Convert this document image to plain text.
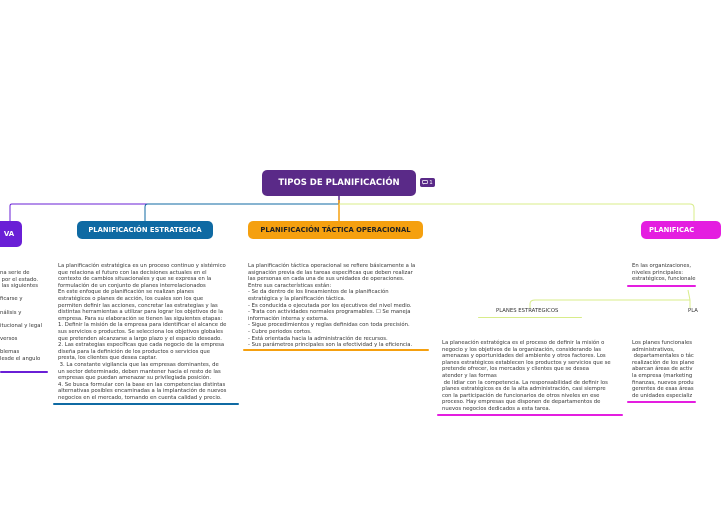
TIPOS DE PLANIFICACIÓN	1
VA
na serie de
por el estado.
las siguientes

ficarse y

nálisis y

itucional y legal

versos

blemas
lesde el angulo
PLANIFICACIÓN ESTRATEGICA
La planificación estratégica es un proceso continuo y sistémico
que relaciona el futuro con las decisiones actuales en el
contexto de cambios situacionales y que se expresa en la
formulación de un conjunto de planes interrelacionados
En este enfoque de planificación se realizan planes
estratégicos o planes de acción, los cuales son los que
permiten definir las acciones, concretar las estrategias y las
distintas herramientas a utilizar para lograr los objetivos de la
empresa. Para su elaboración se tienen las siguientes etapas:
1. Definir la misión de la empresa para identificar el alcance de
sus servicios o productos. Se selecciona los objetivos globales
que pretenden alcanzarse a largo plazo y el espacio deseado.
2. Las estrategias específicas que cada negocio de la empresa
diseña para la definición de los productos o servicios que
presta, los clientes que desea captar.
3. La constante vigilancia que las empresas dominantes, de
un sector determinado, deben mantener hacia el resto de las
empresas que puedan amenazar su privilegiada posición.
4. Se busca formular con la base en las competencias distintas
alternativas posibles encaminadas a la implantación de nuevos
negocios en el mercado, tomando en cuenta calidad y precio.
PLANIFICACIÓN TÁCTICA OPERACIONAL
La planificación táctica operacional se refiere básicamente a la
asignación previa de las tareas específicas que deben realizar
las personas en cada una de sus unidades de operaciones.
Entre sus características están:
- Se da dentro de los lineamientos de la planificación
estratégica y la planificación táctica.
- Es conducida o ejecutada por los ejecutivos del nivel medio.
- Trata con actividades normales programables. ☐ Se maneja
información interna y externa.
- Sigue procedimientos y reglas definidas con toda precisión.
- Cubre periodos cortos.
- Está orientada hacia la administración de recursos.
- Sus parámetros principales son la efectividad y la eficiencia.
PLANIFICAC
En las organizaciones,
niveles principales:
estratégicos, funcionale
PLANES ESTRATEGICOS
La planeación estratégica es el proceso de definir la misión o
negocio y los objetivos de la organización, considerando las
amenazas y oportunidades del ambiente y otros factores. Los
planes estratégicos establecen los productos y servicios que se
pretende ofrecer, los mercados y clientes que se desea
atender y las formas
de lidiar con la competencia. La responsabilidad de definir los
planes estratégicos es de la alta administración, casi siempre
con la participación de funcionarios de otros niveles en ese
proceso. Hay empresas que disponen de departamentos de
nuevos negocios dedicados a esta tarea.
PLA
Los planes funcionales
administrativos,
departamentales o tác
realización de los plane
abarcan áreas de activ
la empresa (marketing
finanzas, nuevos produ
gerentes de esas áreas
de unidades especializ
